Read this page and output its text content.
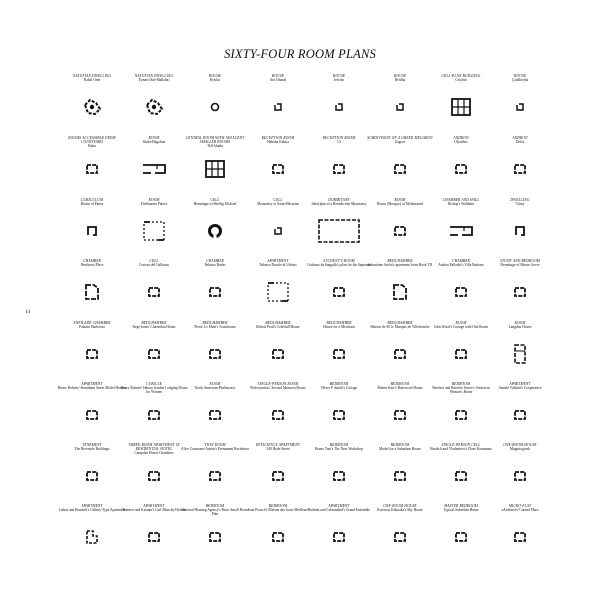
SIXTY-FOUR ROOM PLANS
14
NATUFIAN DWELLING
Nahal Oren
NATUFIAN DWELLING
Eynan (Ain-Mallaha)
HOUSE
Byblos
HOUSE
Ain Ghazal
HOUSE
Jericho
HOUSE
Beidha
CELL-PLAN BUILDING
Cayönü
HOUSE
Çatalhöyük
ROOMS ACCESSIBLE FROM COURTYARD
Ratta
ROOM
Shahr-Hagoltan
CENTRAL ROOM WITH ADJACENT SMALLER ROOMS
Tell Abada
RECEPTION ROOM
Habuba Kabira
RECEPTION ROOM
Ur
SUBDIVISION OF A GREEK MEGARON
Zagora
ANDRON
Olynthus
ANDRON
Delos
CUBICULUM
House of Pansa
ROOM
Fishbourne Palace
CELL
Hermitage of Skellig Michael
CELL
Monastery of Saint Macarius
DORMITORY
Ideal plan of a Benedictine Monastery
ROOM
House (Mosque) of Mohammed
CHAMBER AND HALL
Bishop's Waltham
DWELLING
Cluny
CHAMBER
Penshurst Place
CELL
Certosa del Galluzzo
CHAMBER
Palazzo Barbo
APARTMENT
Palazzo Ducale di Urbino
STUDENT'S ROOM
Giuliano da Sangallo's plan for the Sapienza
BEDCHAMBER
Sebastiano Serlio's apartment from Book VII
CHAMBER
Andrea Palladio's Villa Barbaro
STUDY AND BEDROOM
Hermitage of Monte Grove
ENFILADE CHAMBER
Palazzo Barberini
BEDCHAMBER
Sirge Jones' Clarendon House
BEDCHAMBER
Pierre Le Muet's Townhouse
BEDCHAMBER
Robert Pratt's Coleshill House
BEDCHAMBER
House for a Merchant
BEDCHAMBER
Maison de M. le Marquis de Villefranche
ROOM
John Wood's Cottage with One Room
ROOM
Langdon House
APARTMENT
Henry Roberts' Streatham Street Model Houses
CUBICLE
Henry Roberts' Hatton Garden Lodging House for Women
ROOM
North American Phalanstery
SINGLE-PERSON ROOM
Perfectionists' Second Mansion House
BEDROOM
Oliver P. Smith's Cottage
BEDROOM
Robert Kerr's Bearwood House
BEDROOM
Beecher and Beecher Stowe's American Woman's Home
APARTMENT
Amedé Vaillant's Cooperative
TENEMENT
The Riverside Buildings
THREE-ROOM APARTMENT IN RESIDENTIAL HOTEL
Campden House Chambers
TWIN ROOM
Alice Constance Austin's Permanent Residence
EFFICIENCY APARTMENT
340 Hyde Street
BEDROOM
Bruno Taut's The New Workshop
BEDROOM
Model for a Suburban House
SINGLE-PERSON CELL
Bordich and Vladimirov's Dom-Kommuna
ONE-ROOM HOUSE
Magnitogorsk
APARTMENT
Lothar and Bondich's Gallery-Type Apartment
APARTMENT
Teemrer and Kastner's Carl Munchy Houses
BEDROOM
National Housing Agency's Basic Small House Plan
BEDROOM
Jean Prouvé's Maison des Jours Meilleurs
APARTMENT
Bodiam and Lebrandard's Grand Ensemble
ONE-ROOM HOUSE
Kiyonori Kikutake's Sky House
MASTER BEDROOM
Typical Suburban Home
MICRO-FLAT
xArchitects' Carmel Place
